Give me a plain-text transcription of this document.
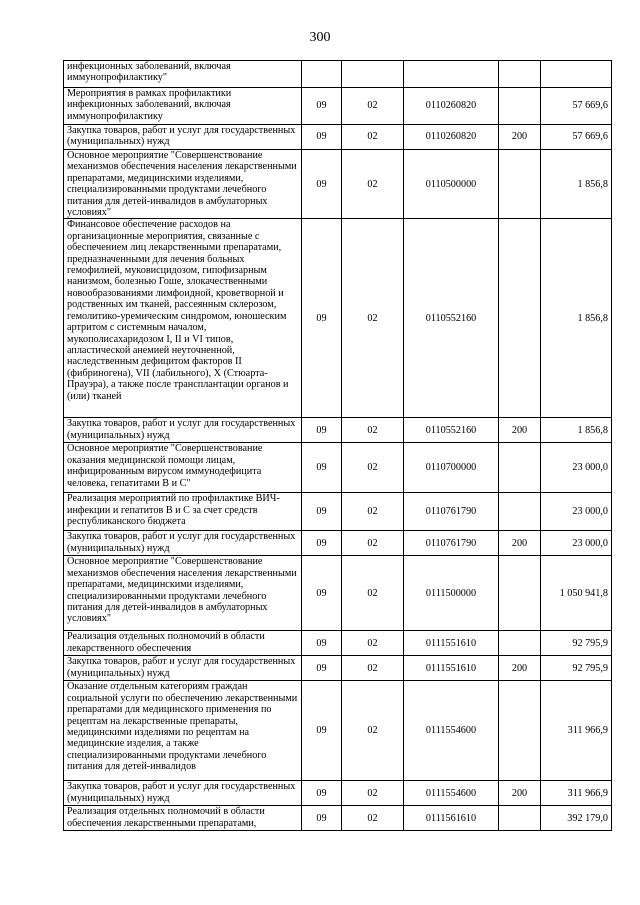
300
инфекционных заболеваний, включая иммунопрофилактику"					
Мероприятия в рамках профилактики инфекционных заболеваний, включая иммунопрофилактику	09	02	0110260820		57 669,6
Закупка товаров, работ и услуг для государственных (муниципальных) нужд	09	02	0110260820	200	57 669,6
Основное мероприятие "Совершенствование механизмов обеспечения населения лекарственными препаратами, медицинскими изделиями, специализированными продуктами лечебного питания для детей-инвалидов в амбулаторных условиях"	09	02	0110500000		1 856,8
Финансовое обеспечение расходов на организационные мероприятия, связанные с обеспечением лиц лекарственными препаратами, предназначенными для лечения больных гемофилией, муковисцидозом, гипофизарным нанизмом, болезнью Гоше, злокачественными новообразованиями лимфоидной, кроветворной и родственных им тканей, рассеянным склерозом, гемолитико-уремическим синдромом, юношеским артритом с системным началом, мукополисахаридозом I, II и VI типов, апластической анемией неуточненной, наследственным дефицитом факторов II (фибриногена), VII (лабильного), X (Стюарта-Прауэра), а также после трансплантации органов и (или) тканей	09	02	0110552160		1 856,8
Закупка товаров, работ и услуг для государственных (муниципальных) нужд	09	02	0110552160	200	1 856,8
Основное мероприятие "Совершенствование оказания медицинской помощи лицам, инфицированным вирусом иммунодефицита человека, гепатитами B и C"	09	02	0110700000		23 000,0
Реализация мероприятий по профилактике ВИЧ-инфекции и гепатитов B и C за счет средств республиканского бюджета	09	02	0110761790		23 000,0
Закупка товаров, работ и услуг для государственных (муниципальных) нужд	09	02	0110761790	200	23 000,0
Основное мероприятие "Совершенствование механизмов обеспечения населения лекарственными препаратами, медицинскими изделиями, специализированными продуктами лечебного питания для детей-инвалидов в амбулаторных условиях"	09	02	0111500000		1 050 941,8
Реализация отдельных полномочий в области лекарственного обеспечения	09	02	0111551610		92 795,9
Закупка товаров, работ и услуг для государственных (муниципальных) нужд	09	02	0111551610	200	92 795,9
Оказание отдельным категориям граждан социальной услуги по обеспечению лекарственными препаратами для медицинского применения по рецептам на лекарственные препараты, медицинскими изделиями по рецептам на медицинские изделия, а также специализированными продуктами лечебного питания для детей-инвалидов	09	02	0111554600		311 966,9
Закупка товаров, работ и услуг для государственных (муниципальных) нужд	09	02	0111554600	200	311 966,9
Реализация отдельных полномочий в области обеспечения лекарственными препаратами,	09	02	0111561610		392 179,0
